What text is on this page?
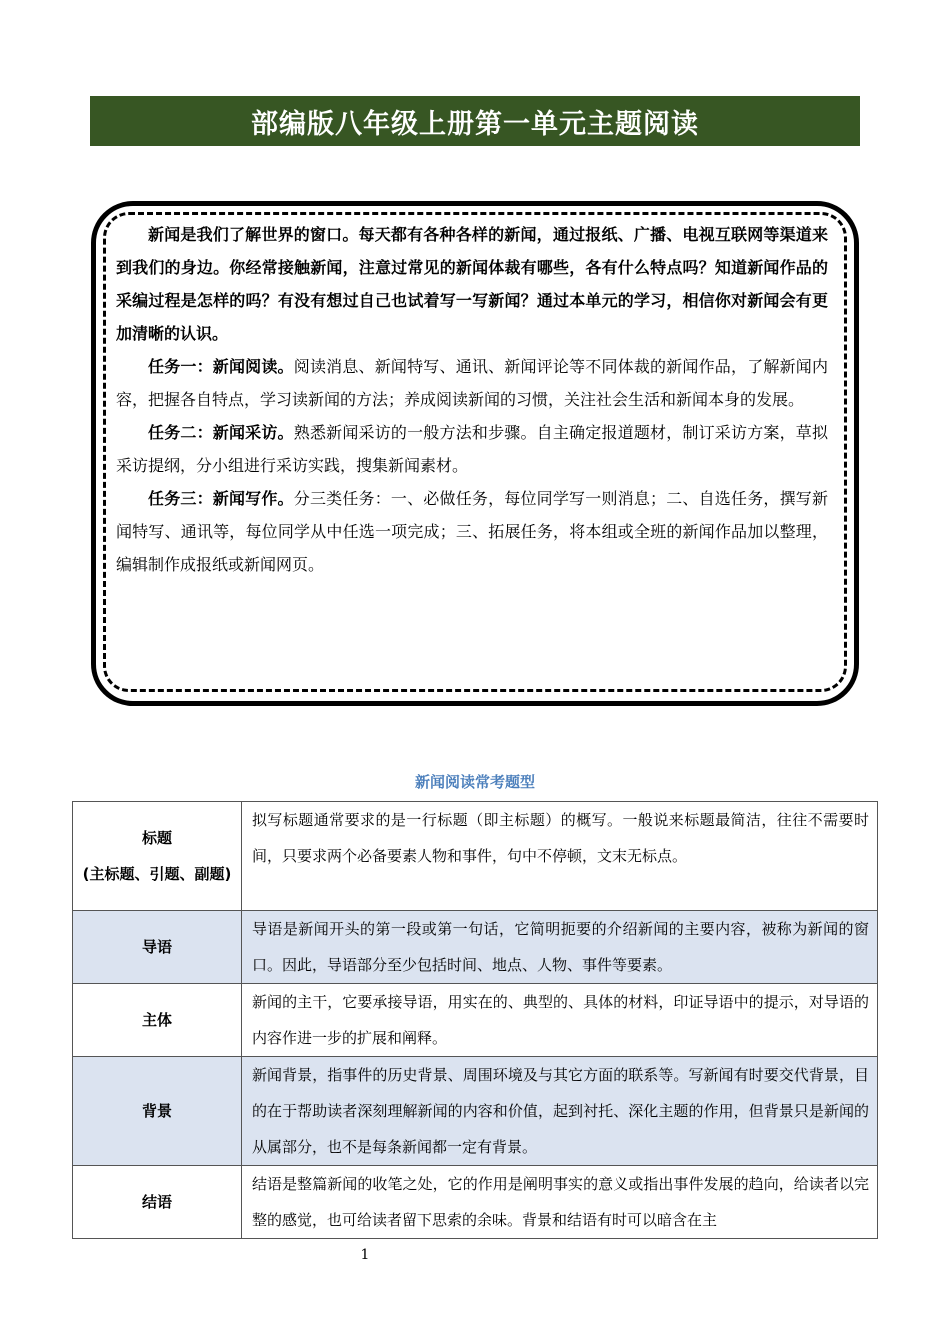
部编版八年级上册第一单元主题阅读

新闻是我们了解世界的窗口。每天都有各种各样的新闻，通过报纸、广播、电视互联网等渠道来到我们的身边。你经常接触新闻，注意过常见的新闻体裁有哪些，各有什么特点吗？知道新闻作品的采编过程是怎样的吗？有没有想过自己也试着写一写新闻？通过本单元的学习，相信你对新闻会有更加清晰的认识。

任务一：新闻阅读。阅读消息、新闻特写、通讯、新闻评论等不同体裁的新闻作品，了解新闻内容，把握各自特点，学习读新闻的方法；养成阅读新闻的习惯，关注社会生活和新闻本身的发展。

任务二：新闻采访。熟悉新闻采访的一般方法和步骤。自主确定报道题材，制订采访方案，草拟采访提纲，分小组进行采访实践，搜集新闻素材。

任务三：新闻写作。分三类任务：一、必做任务，每位同学写一则消息；二、自选任务，撰写新闻特写、通讯等，每位同学从中任选一项完成；三、拓展任务，将本组或全班的新闻作品加以整理，编辑制作成报纸或新闻网页。

新闻阅读常考题型
标题
(主标题、引题、副题)	拟写标题通常要求的是一行标题（即主标题）的概写。一般说来标题最简洁，往往不需要时间，只要求两个必备要素人物和事件，句中不停顿，文末无标点。
导语	导语是新闻开头的第一段或第一句话，它简明扼要的介绍新闻的主要内容，被称为新闻的窗口。因此，导语部分至少包括时间、地点、人物、事件等要素。
主体	新闻的主干，它要承接导语，用实在的、典型的、具体的材料，印证导语中的提示，对导语的内容作进一步的扩展和阐释。
背景	新闻背景，指事件的历史背景、周围环境及与其它方面的联系等。写新闻有时要交代背景，目的在于帮助读者深刻理解新闻的内容和价值，起到衬托、深化主题的作用，但背景只是新闻的从属部分，也不是每条新闻都一定有背景。
结语	结语是整篇新闻的收笔之处，它的作用是阐明事实的意义或指出事件发展的趋向，给读者以完整的感觉，也可给读者留下思索的余味。背景和结语有时可以暗含在主
1
